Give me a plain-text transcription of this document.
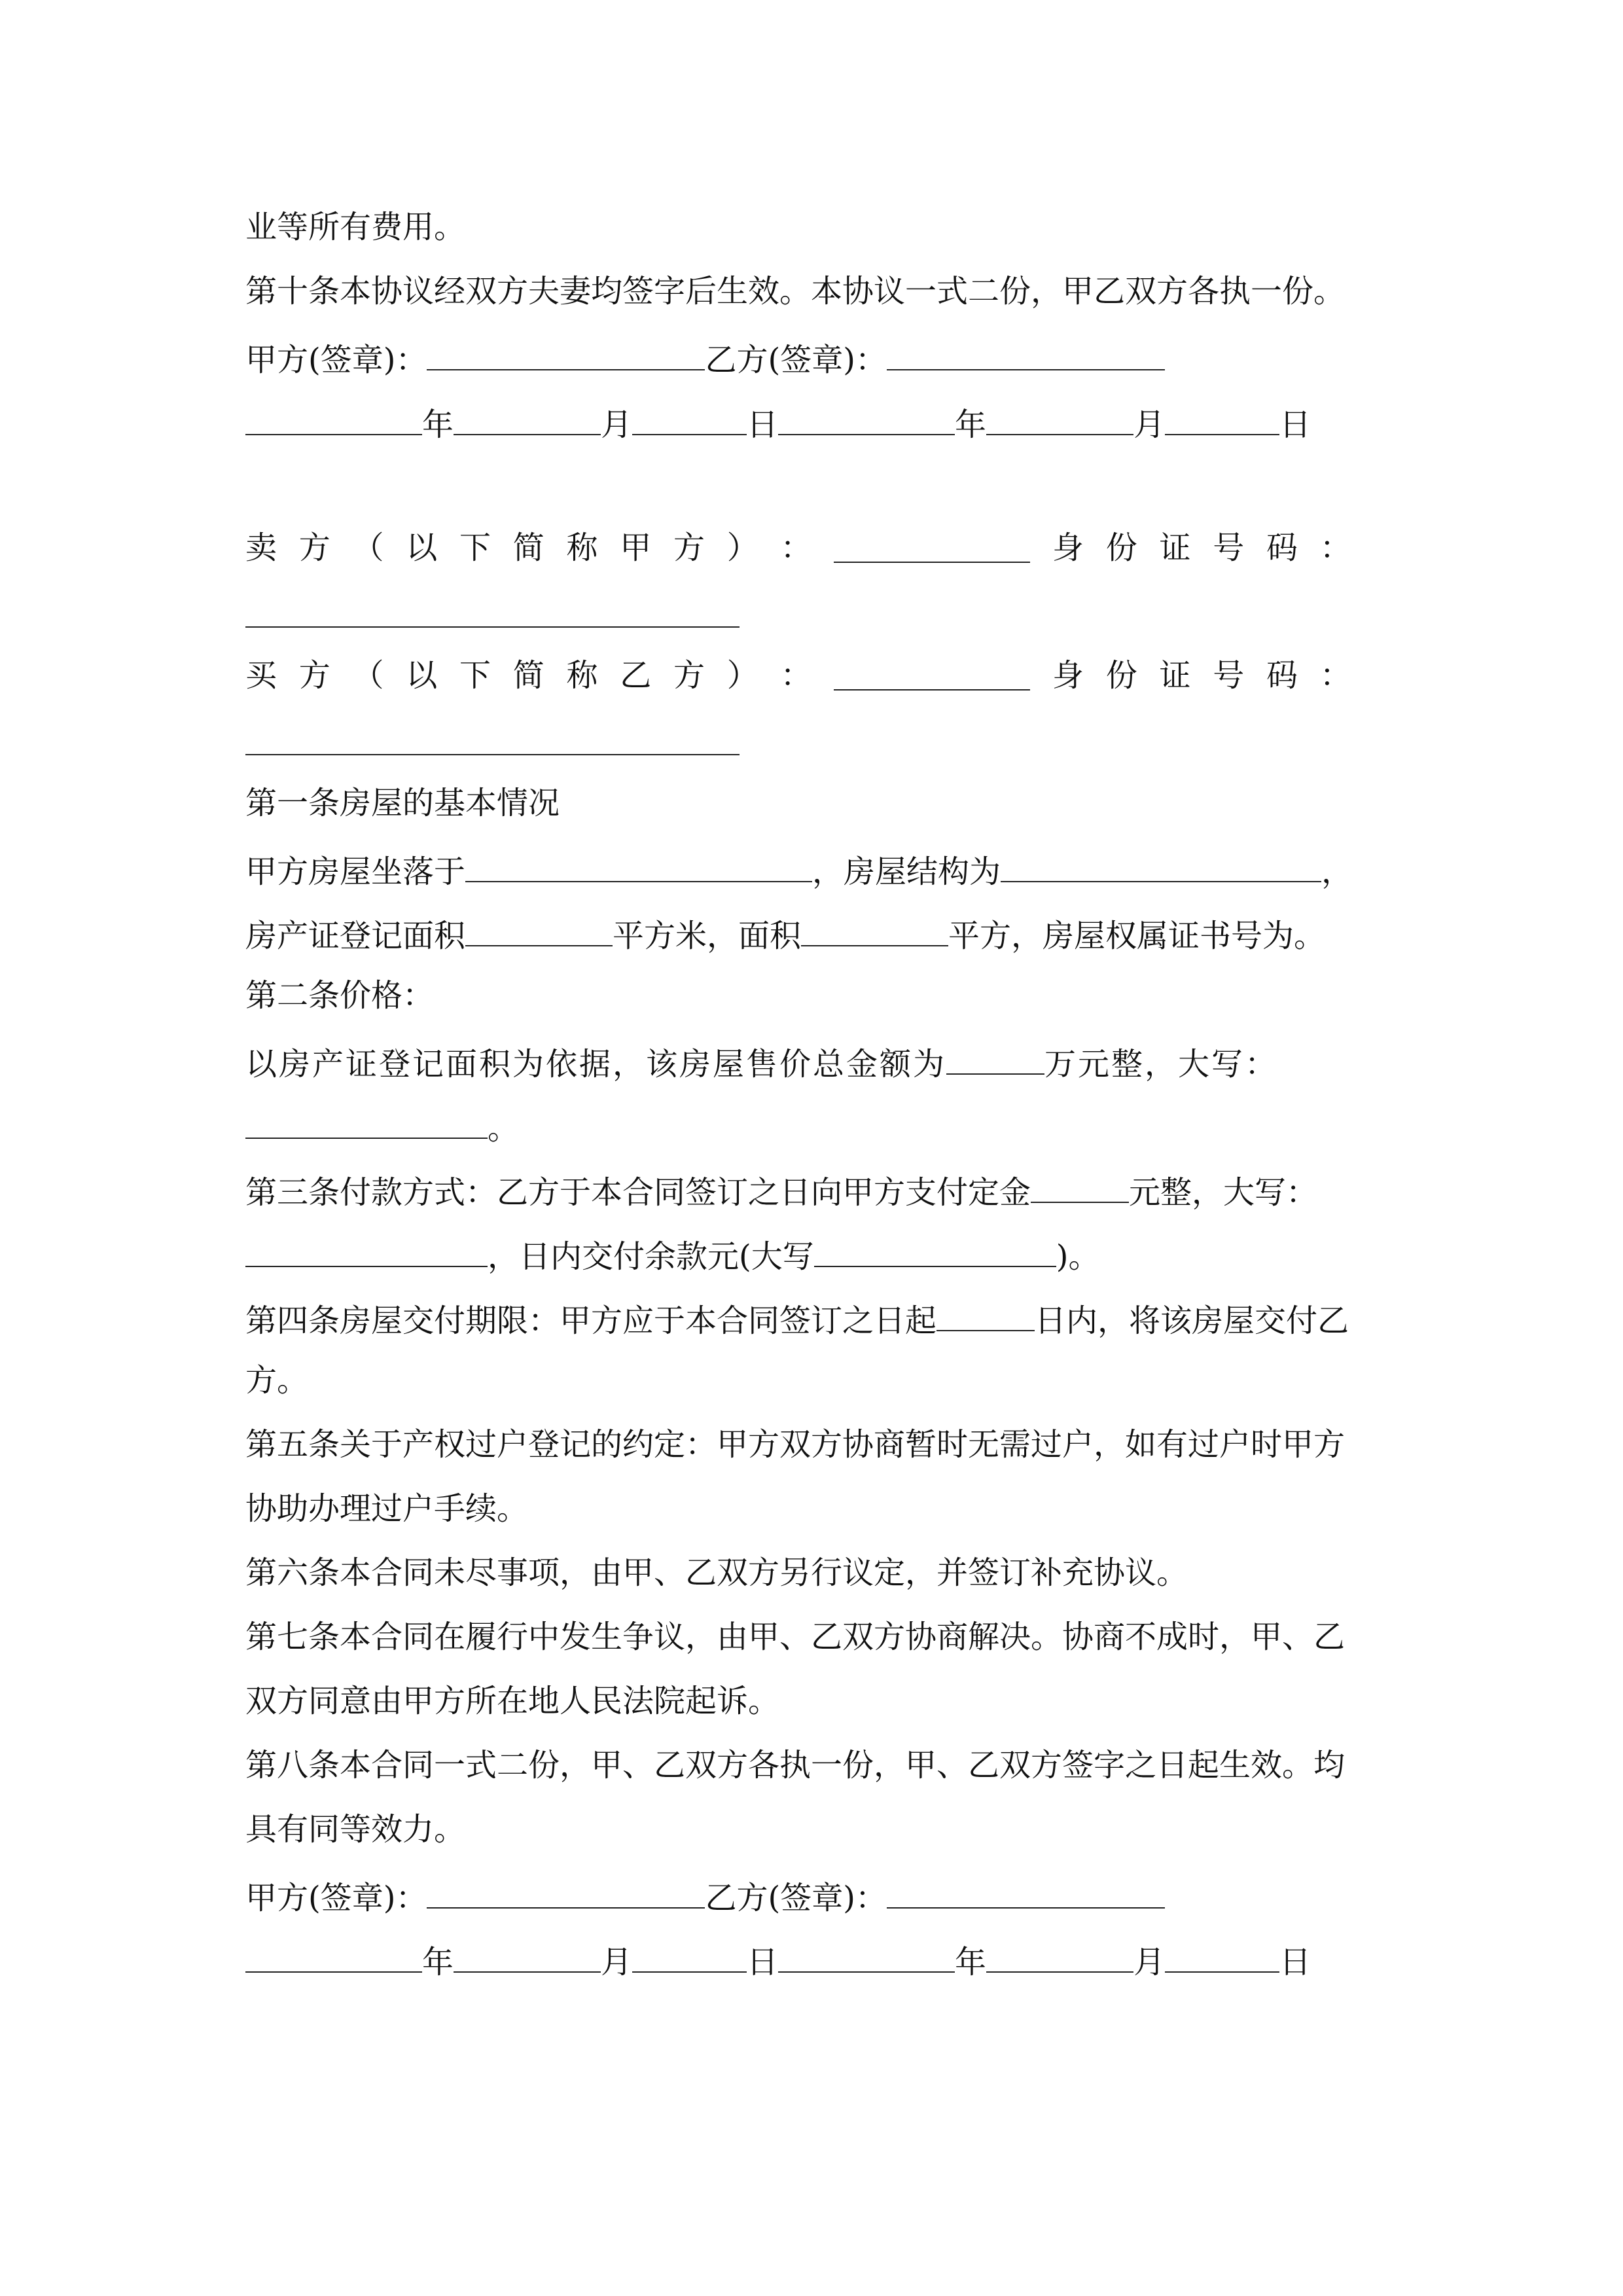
业等所有费用。
第十条本协议经双方夫妻均签字后生效。本协议一式二份，甲乙双方各执一份。
甲方(签章)：	乙方(签章)：
年	月	日	年	月	日
卖 方 （ 以 下 简 称 甲 方 ） ：	身 份 证 号 码 ：
买 方 （ 以 下 简 称 乙 方 ） ：	身 份 证 号 码 ：
第一条房屋的基本情况
甲方房屋坐落于	，房屋结构为	，
房产证登记面积	平方米，面积	平方，房屋权属证书号为。
第二条价格：
以房产证登记面积为依据，该房屋售价总金额为	万元整，大写：
。
第三条付款方式：乙方于本合同签订之日向甲方支付定金	元整，大写：
，日内交付余款元(大写	)。
第四条房屋交付期限：甲方应于本合同签订之日起	日内，将该房屋交付乙
方。
第五条关于产权过户登记的约定：甲方双方协商暂时无需过户，如有过户时甲方
协助办理过户手续。
第六条本合同未尽事项，由甲、乙双方另行议定，并签订补充协议。
第七条本合同在履行中发生争议，由甲、乙双方协商解决。协商不成时，甲、乙
双方同意由甲方所在地人民法院起诉。
第八条本合同一式二份，甲、乙双方各执一份，甲、乙双方签字之日起生效。均
具有同等效力。
甲方(签章)：	乙方(签章)：
年	月	日	年	月	日
